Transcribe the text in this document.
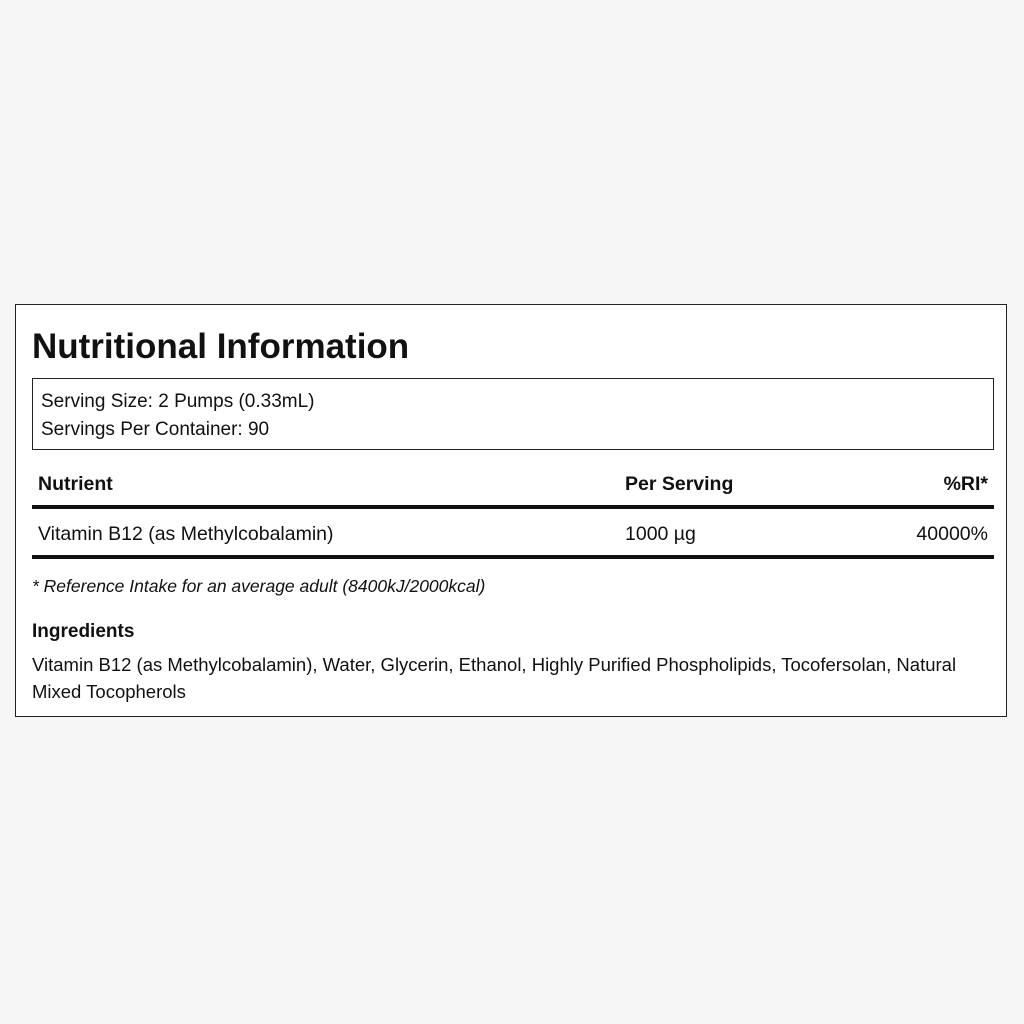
Nutritional Information
Serving Size: 2 Pumps (0.33mL)
Servings Per Container: 90
Nutrient	Per Serving	%RI*
Vitamin B12 (as Methylcobalamin)	1000 µg	40000%
* Reference Intake for an average adult (8400kJ/2000kcal)
Ingredients

Vitamin B12 (as Methylcobalamin), Water, Glycerin, Ethanol, Highly Purified Phospholipids, Tocofersolan, Natural Mixed Tocopherols
